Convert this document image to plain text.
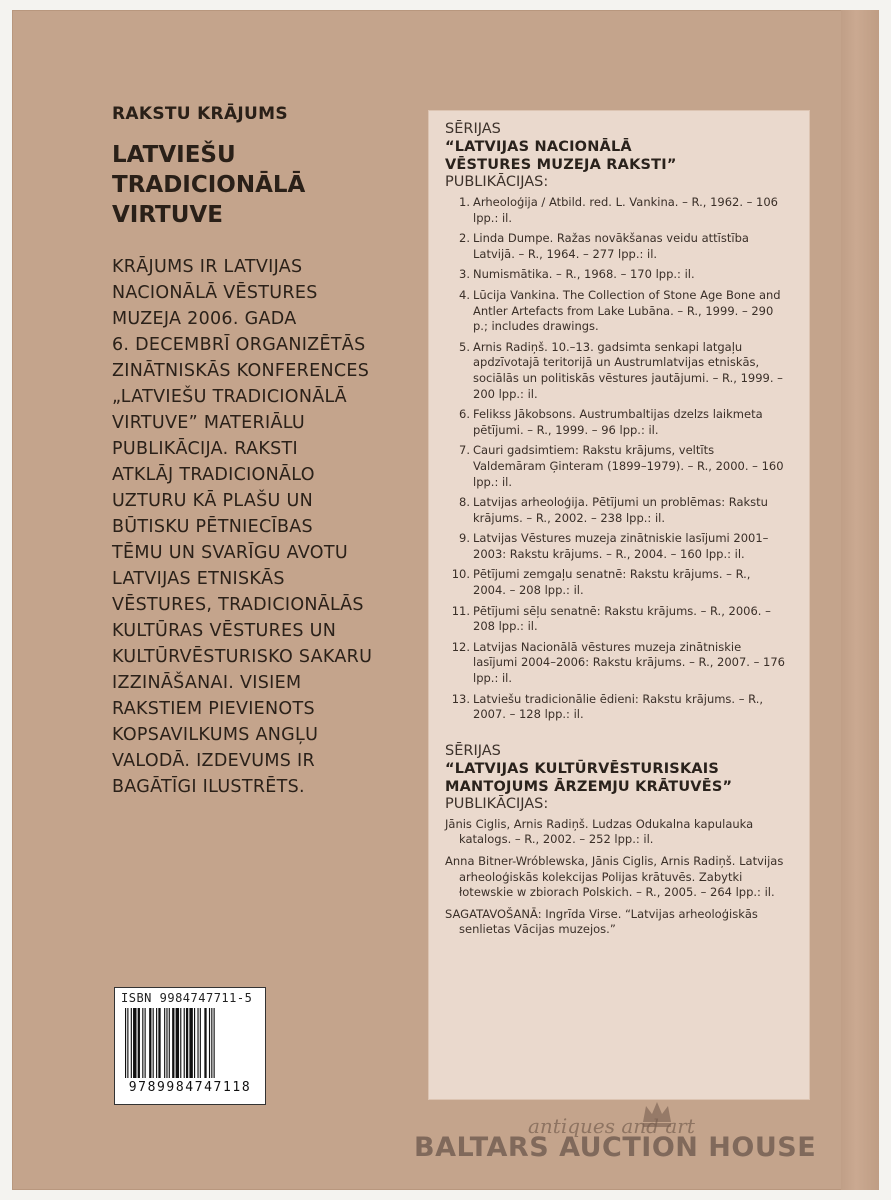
RAKSTU KRĀJUMS
LATVIEŠU
TRADICIONĀLĀ
VIRTUVE
KRĀJUMS IR LATVIJAS
NACIONĀLĀ VĒSTURES
MUZEJA 2006. GADA
6. DECEMBRĪ ORGANIZĒTĀS
ZINĀTNISKĀS KONFERENCES
„LATVIEŠU TRADICIONĀLĀ
VIRTUVE” MATERIĀLU
PUBLIKĀCIJA. RAKSTI
ATKLĀJ TRADICIONĀLO
UZTURU KĀ PLAŠU UN
BŪTISKU PĒTNIECĪBAS
TĒMU UN SVARĪGU AVOTU
LATVIJAS ETNISKĀS
VĒSTURES, TRADICIONĀLĀS
KULTŪRAS VĒSTURES UN
KULTŪRVĒSTURISKO SAKARU
IZZINĀŠANAI. VISIEM
RAKSTIEM PIEVIENOTS
KOPSAVILKUMS ANGĻU
VALODĀ. IZDEVUMS IR
BAGĀTĪGI ILUSTRĒTS.
SĒRIJAS
“LATVIJAS NACIONĀLĀ
VĒSTURES MUZEJA RAKSTI”
PUBLIKĀCIJAS:
1. Arheoloģija / Atbild. red. L. Vankina. – R., 1962. – 106 lpp.: il.
2. Linda Dumpe. Ražas novākšanas veidu attīstība Latvijā. – R., 1964. – 277 lpp.: il.
3. Numismātika. – R., 1968. – 170 lpp.: il.
4. Lūcija Vankina. The Collection of Stone Age Bone and Antler Artefacts from Lake Lubāna. – R., 1999. – 290 p.; includes drawings.
5. Arnis Radiņš. 10.–13. gadsimta senkapi latgaļu apdzīvotajā teritorijā un Austrumlatvijas etniskās, sociālās un politiskās vēstures jautājumi. – R., 1999. – 200 lpp.: il.
6. Felikss Jākobsons. Austrumbaltijas dzelzs laikmeta pētījumi. – R., 1999. – 96 lpp.: il.
7. Cauri gadsimtiem: Rakstu krājums, veltīts Valdemāram Ģinteram (1899–1979). – R., 2000. – 160 lpp.: il.
8. Latvijas arheoloģija. Pētījumi un problēmas: Rakstu krājums. – R., 2002. – 238 lpp.: il.
9. Latvijas Vēstures muzeja zinātniskie lasījumi 2001–2003: Rakstu krājums. – R., 2004. – 160 lpp.: il.
10. Pētījumi zemgaļu senatnē: Rakstu krājums. – R., 2004. – 208 lpp.: il.
11. Pētījumi sēļu senatnē: Rakstu krājums. – R., 2006. – 208 lpp.: il.
12. Latvijas Nacionālā vēstures muzeja zinātniskie lasījumi 2004–2006: Rakstu krājums. – R., 2007. – 176 lpp.: il.
13. Latviešu tradicionālie ēdieni: Rakstu krājums. – R., 2007. – 128 lpp.: il.
SĒRIJAS
“LATVIJAS KULTŪRVĒSTURISKAIS
MANTOJUMS ĀRZEMJU KRĀTUVĒS”
PUBLIKĀCIJAS:
Jānis Ciglis, Arnis Radiņš. Ludzas Odukalna kapulauka katalogs. – R., 2002. – 252 lpp.: il.
Anna Bitner-Wróblewska, Jānis Ciglis, Arnis Radiņš. Latvijas arheoloģiskās kolekcijas Polijas krātuvēs. Zabytki łotewskie w zbiorach Polskich. – R., 2005. – 264 lpp.: il.
SAGATAVOŠANĀ: Ingrīda Virse. “Latvijas arheoloģiskās senlietas Vācijas muzejos.”
ISBN 9984747711-5
9789984747118
antiques and art
BALTARS AUCTION HOUSE
